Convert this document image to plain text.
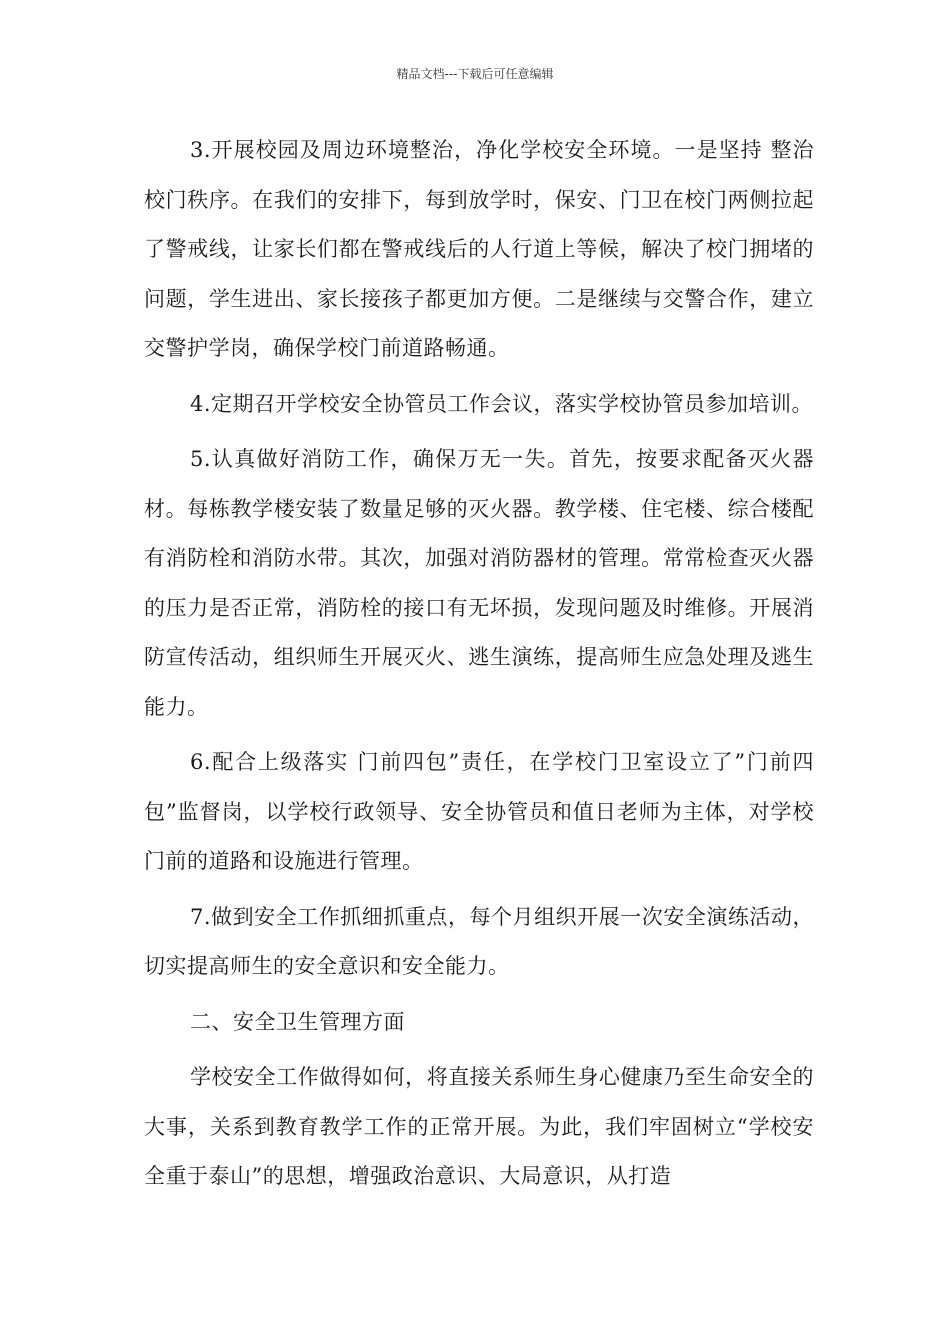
精品文档---下载后可任意编辑

3.开展校园及周边环境整治，净化学校安全环境。一是坚持 整治校门秩序。在我们的安排下，每到放学时，保安、门卫在校门两侧拉起了警戒线，让家长们都在警戒线后的人行道上等候，解决了校门拥堵的问题，学生进出、家长接孩子都更加方便。二是继续与交警合作，建立交警护学岗，确保学校门前道路畅通。

4.定期召开学校安全协管员工作会议，落实学校协管员参加培训。

5.认真做好消防工作，确保万无一失。首先，按要求配备灭火器材。每栋教学楼安装了数量足够的灭火器。教学楼、住宅楼、综合楼配有消防栓和消防水带。其次，加强对消防器材的管理。常常检查灭火器的压力是否正常，消防栓的接口有无坏损，发现问题及时维修。开展消防宣传活动，组织师生开展灭火、逃生演练，提高师生应急处理及逃生能力。

6.配合上级落实 门前四包”责任，在学校门卫室设立了”门前四包”监督岗，以学校行政领导、安全协管员和值日老师为主体，对学校门前的道路和设施进行管理。

7.做到安全工作抓细抓重点，每个月组织开展一次安全演练活动，切实提高师生的安全意识和安全能力。

二、安全卫生管理方面

学校安全工作做得如何，将直接关系师生身心健康乃至生命安全的大事，关系到教育教学工作的正常开展。为此，我们牢固树立“学校安全重于泰山”的思想，增强政治意识、大局意识，从打造
